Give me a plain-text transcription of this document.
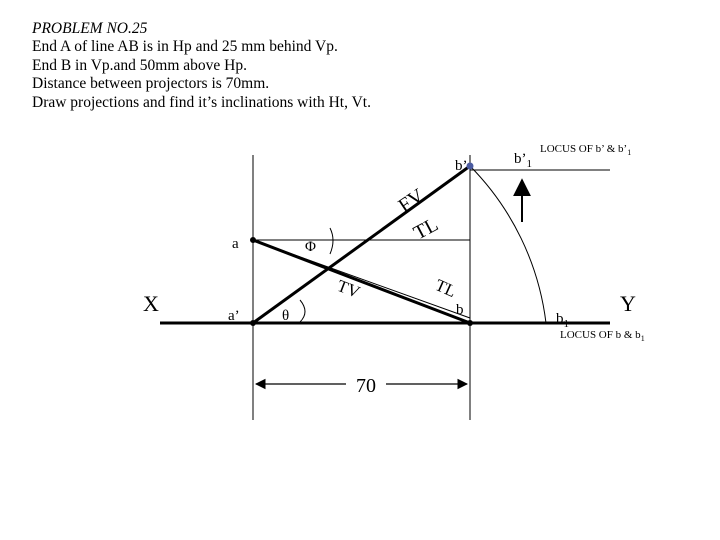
PROBLEM NO.25
End A of line AB is in Hp and 25 mm behind Vp.
End B in Vp.and 50mm above Hp.
Distance between projectors is 70mm.
Draw projections and find it’s inclinations with Ht, Vt.
70
X	Y
a
a’
b’
b
$b’_1$
$b_1$
FV
TL
TV	TL
Φ
θ
LOCUS OF b’ & $b’_1$
LOCUS OF b & $b_1$
